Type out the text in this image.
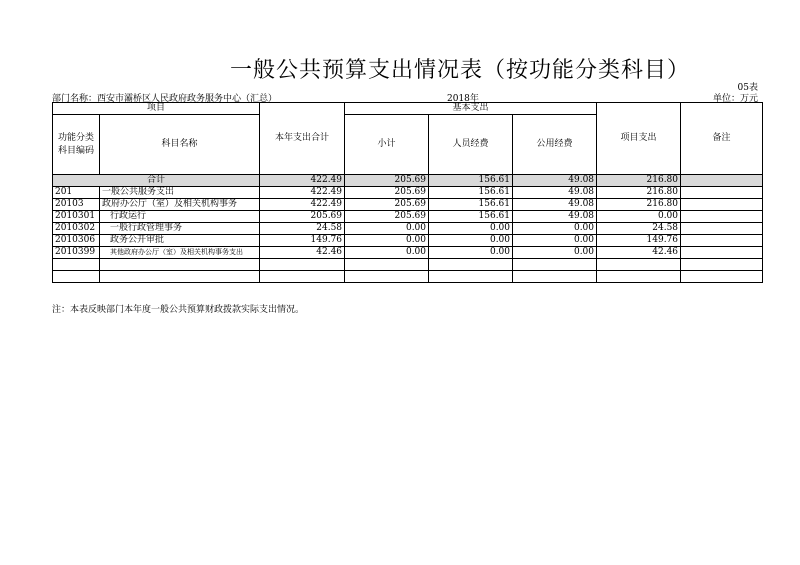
一般公共预算支出情况表（按功能分类科目）
05表
部门名称：西安市灞桥区人民政府政务服务中心（汇总）	2018年	单位：万元
项目		本年支出合计	基本支出			项目支出	备注
功能分类
科目编码	科目名称		小计	人员经费	公用经费		
合计		422.49	205.69	156.61	49.08	216.80	
201	一般公共服务支出	422.49	205.69	156.61	49.08	216.80	
20103	政府办公厅（室）及相关机构事务	422.49	205.69	156.61	49.08	216.80	
2010301	行政运行	205.69	205.69	156.61	49.08	0.00	
2010302	一般行政管理事务	24.58	0.00	0.00	0.00	24.58	
2010306	政务公开审批	149.76	0.00	0.00	0.00	149.76	
2010399	其他政府办公厅（室）及相关机构事务支出	42.46	0.00	0.00	0.00	42.46	

注：本表反映部门本年度一般公共预算财政拨款实际支出情况。
